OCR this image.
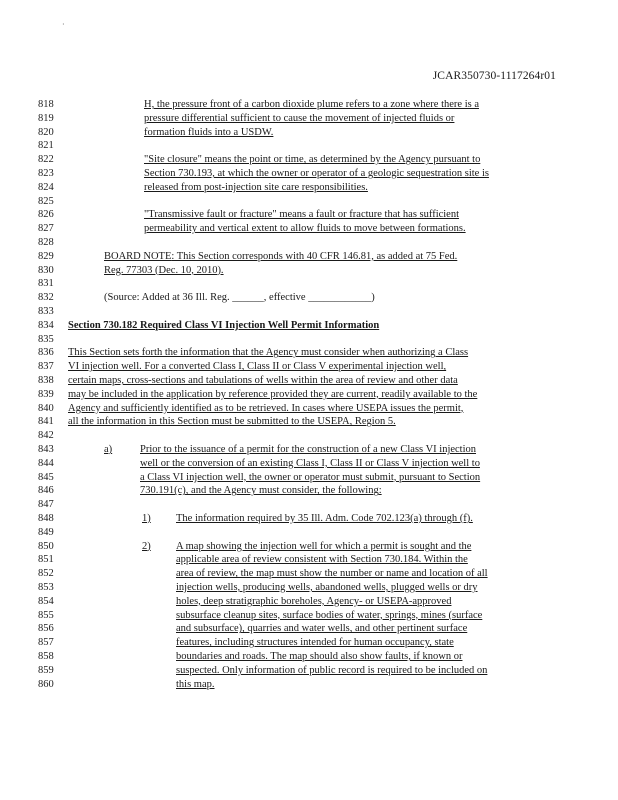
·
JCAR350730-1117264r01
818	H, the pressure front of a carbon dioxide plume refers to a zone where there is a
819	pressure differential sufficient to cause the movement of injected fluids or
820	formation fluids into a USDW.
821
822	"Site closure" means the point or time, as determined by the Agency pursuant to
823	Section 730.193, at which the owner or operator of a geologic sequestration site is
824	released from post-injection site care responsibilities.
825
826	"Transmissive fault or fracture" means a fault or fracture that has sufficient
827	permeability and vertical extent to allow fluids to move between formations.
828
829	BOARD NOTE: This Section corresponds with 40 CFR 146.81, as added at 75 Fed.
830	Reg. 77303 (Dec. 10, 2010).
831
832	(Source: Added at 36 Ill. Reg. ______, effective ____________)
833
834	Section 730.182 Required Class VI Injection Well Permit Information
835
836	This Section sets forth the information that the Agency must consider when authorizing a Class
837	VI injection well. For a converted Class I, Class II or Class V experimental injection well,
838	certain maps, cross-sections and tabulations of wells within the area of review and other data
839	may be included in the application by reference provided they are current, readily available to the
840	Agency and sufficiently identified as to be retrieved. In cases where USEPA issues the permit,
841	all the information in this Section must be submitted to the USEPA, Region 5.
842
843	a)	Prior to the issuance of a permit for the construction of a new Class VI injection
844	well or the conversion of an existing Class I, Class II or Class V injection well to
845	a Class VI injection well, the owner or operator must submit, pursuant to Section
846	730.191(c), and the Agency must consider, the following:
847
848	1) The information required by 35 Ill. Adm. Code 702.123(a) through (f).
849
850	2) A map showing the injection well for which a permit is sought and the
851	applicable area of review consistent with Section 730.184. Within the
852	area of review, the map must show the number or name and location of all
853	injection wells, producing wells, abandoned wells, plugged wells or dry
854	holes, deep stratigraphic boreholes, Agency- or USEPA-approved
855	subsurface cleanup sites, surface bodies of water, springs, mines (surface
856	and subsurface), quarries and water wells, and other pertinent surface
857	features, including structures intended for human occupancy, state
858	boundaries and roads. The map should also show faults, if known or
859	suspected. Only information of public record is required to be included on
860	this map.
